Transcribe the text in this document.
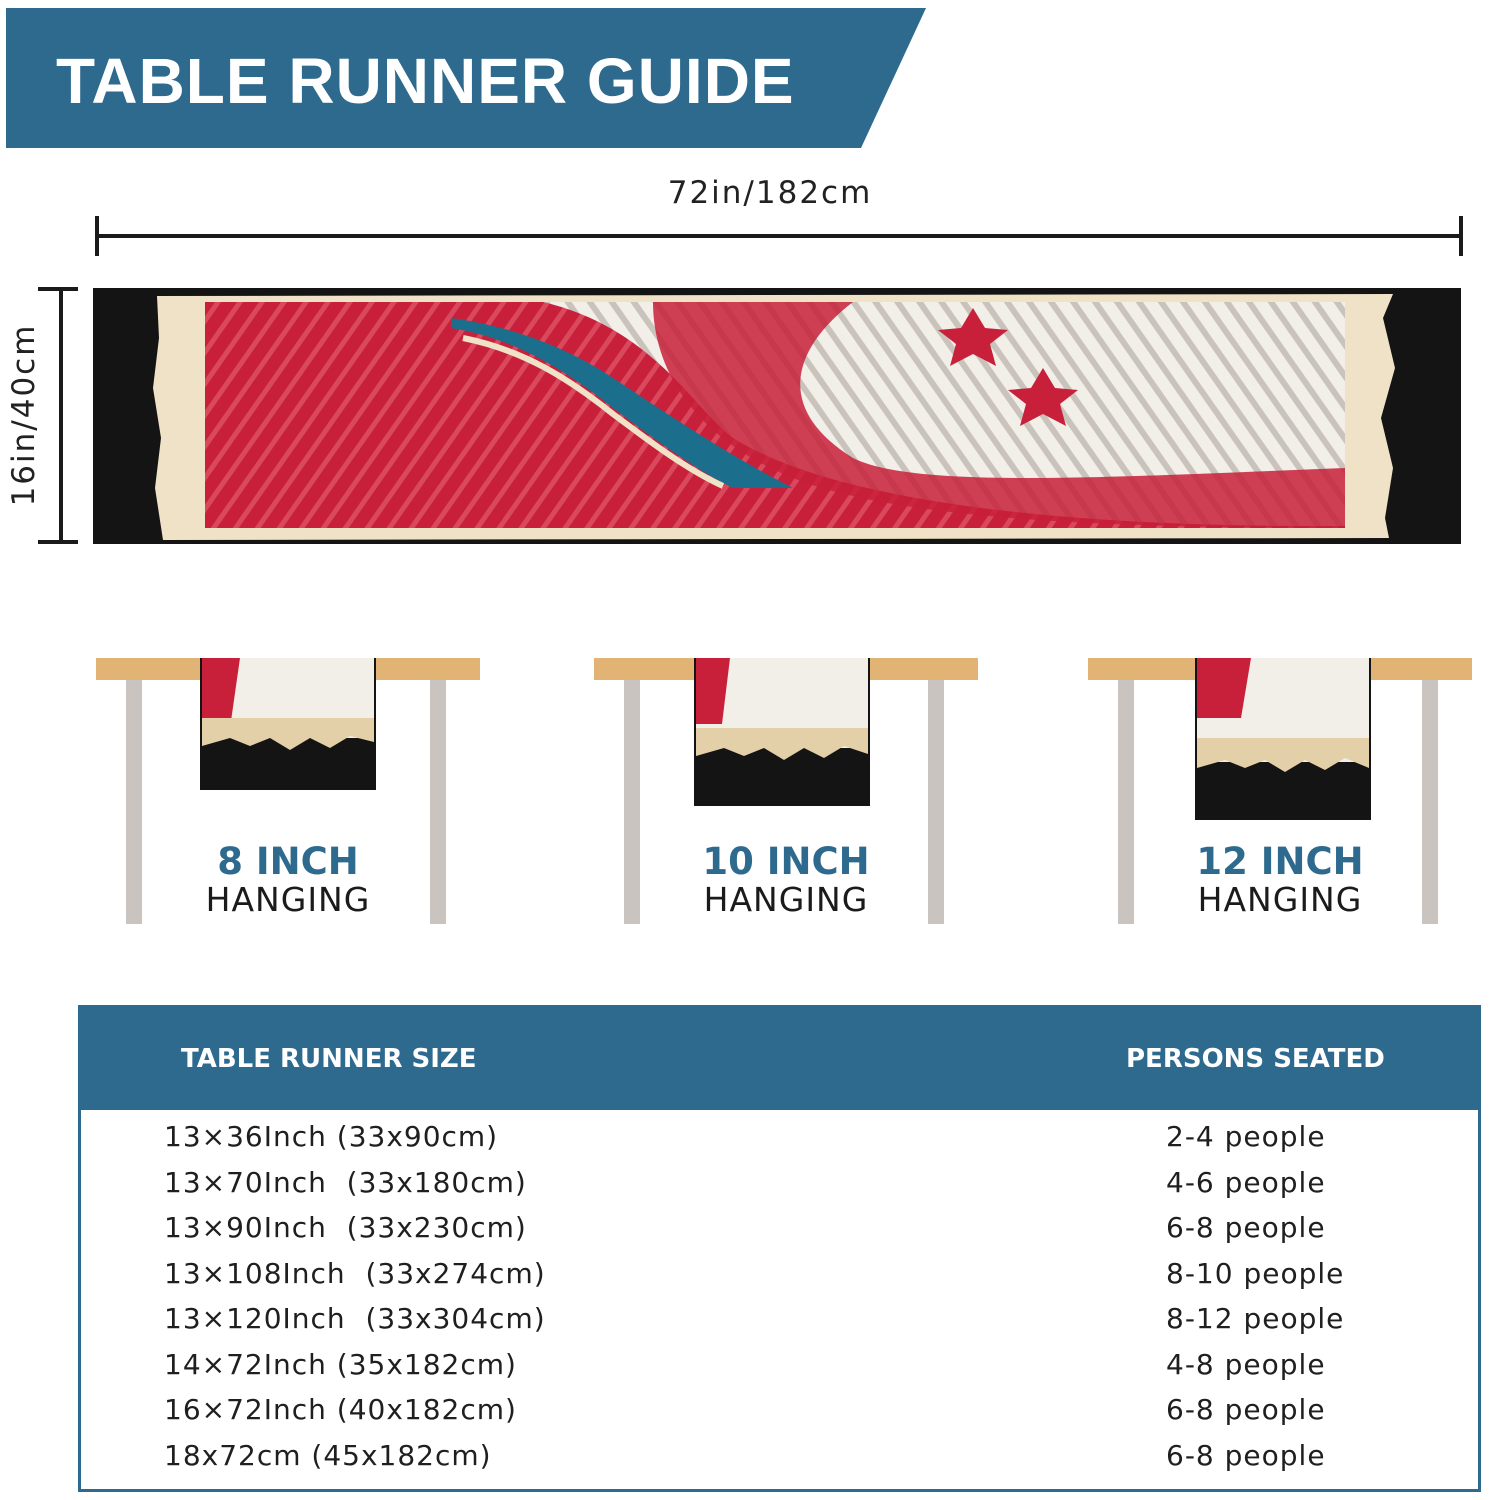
TABLE RUNNER GUIDE
72in/182cm
16in/40cm
8 INCH
HANGING
10 INCH
HANGING
12 INCH
HANGING
TABLE RUNNER SIZE	PERSONS SEATED
13×36Inch (33x90cm)	2-4 people
13×70Inch  (33x180cm)	4-6 people
13×90Inch  (33x230cm)	6-8 people
13×108Inch  (33x274cm)	8-10 people
13×120Inch  (33x304cm)	8-12 people
14×72Inch (35x182cm)	4-8 people
16×72Inch (40x182cm)	6-8 people
18x72cm (45x182cm)	6-8 people
